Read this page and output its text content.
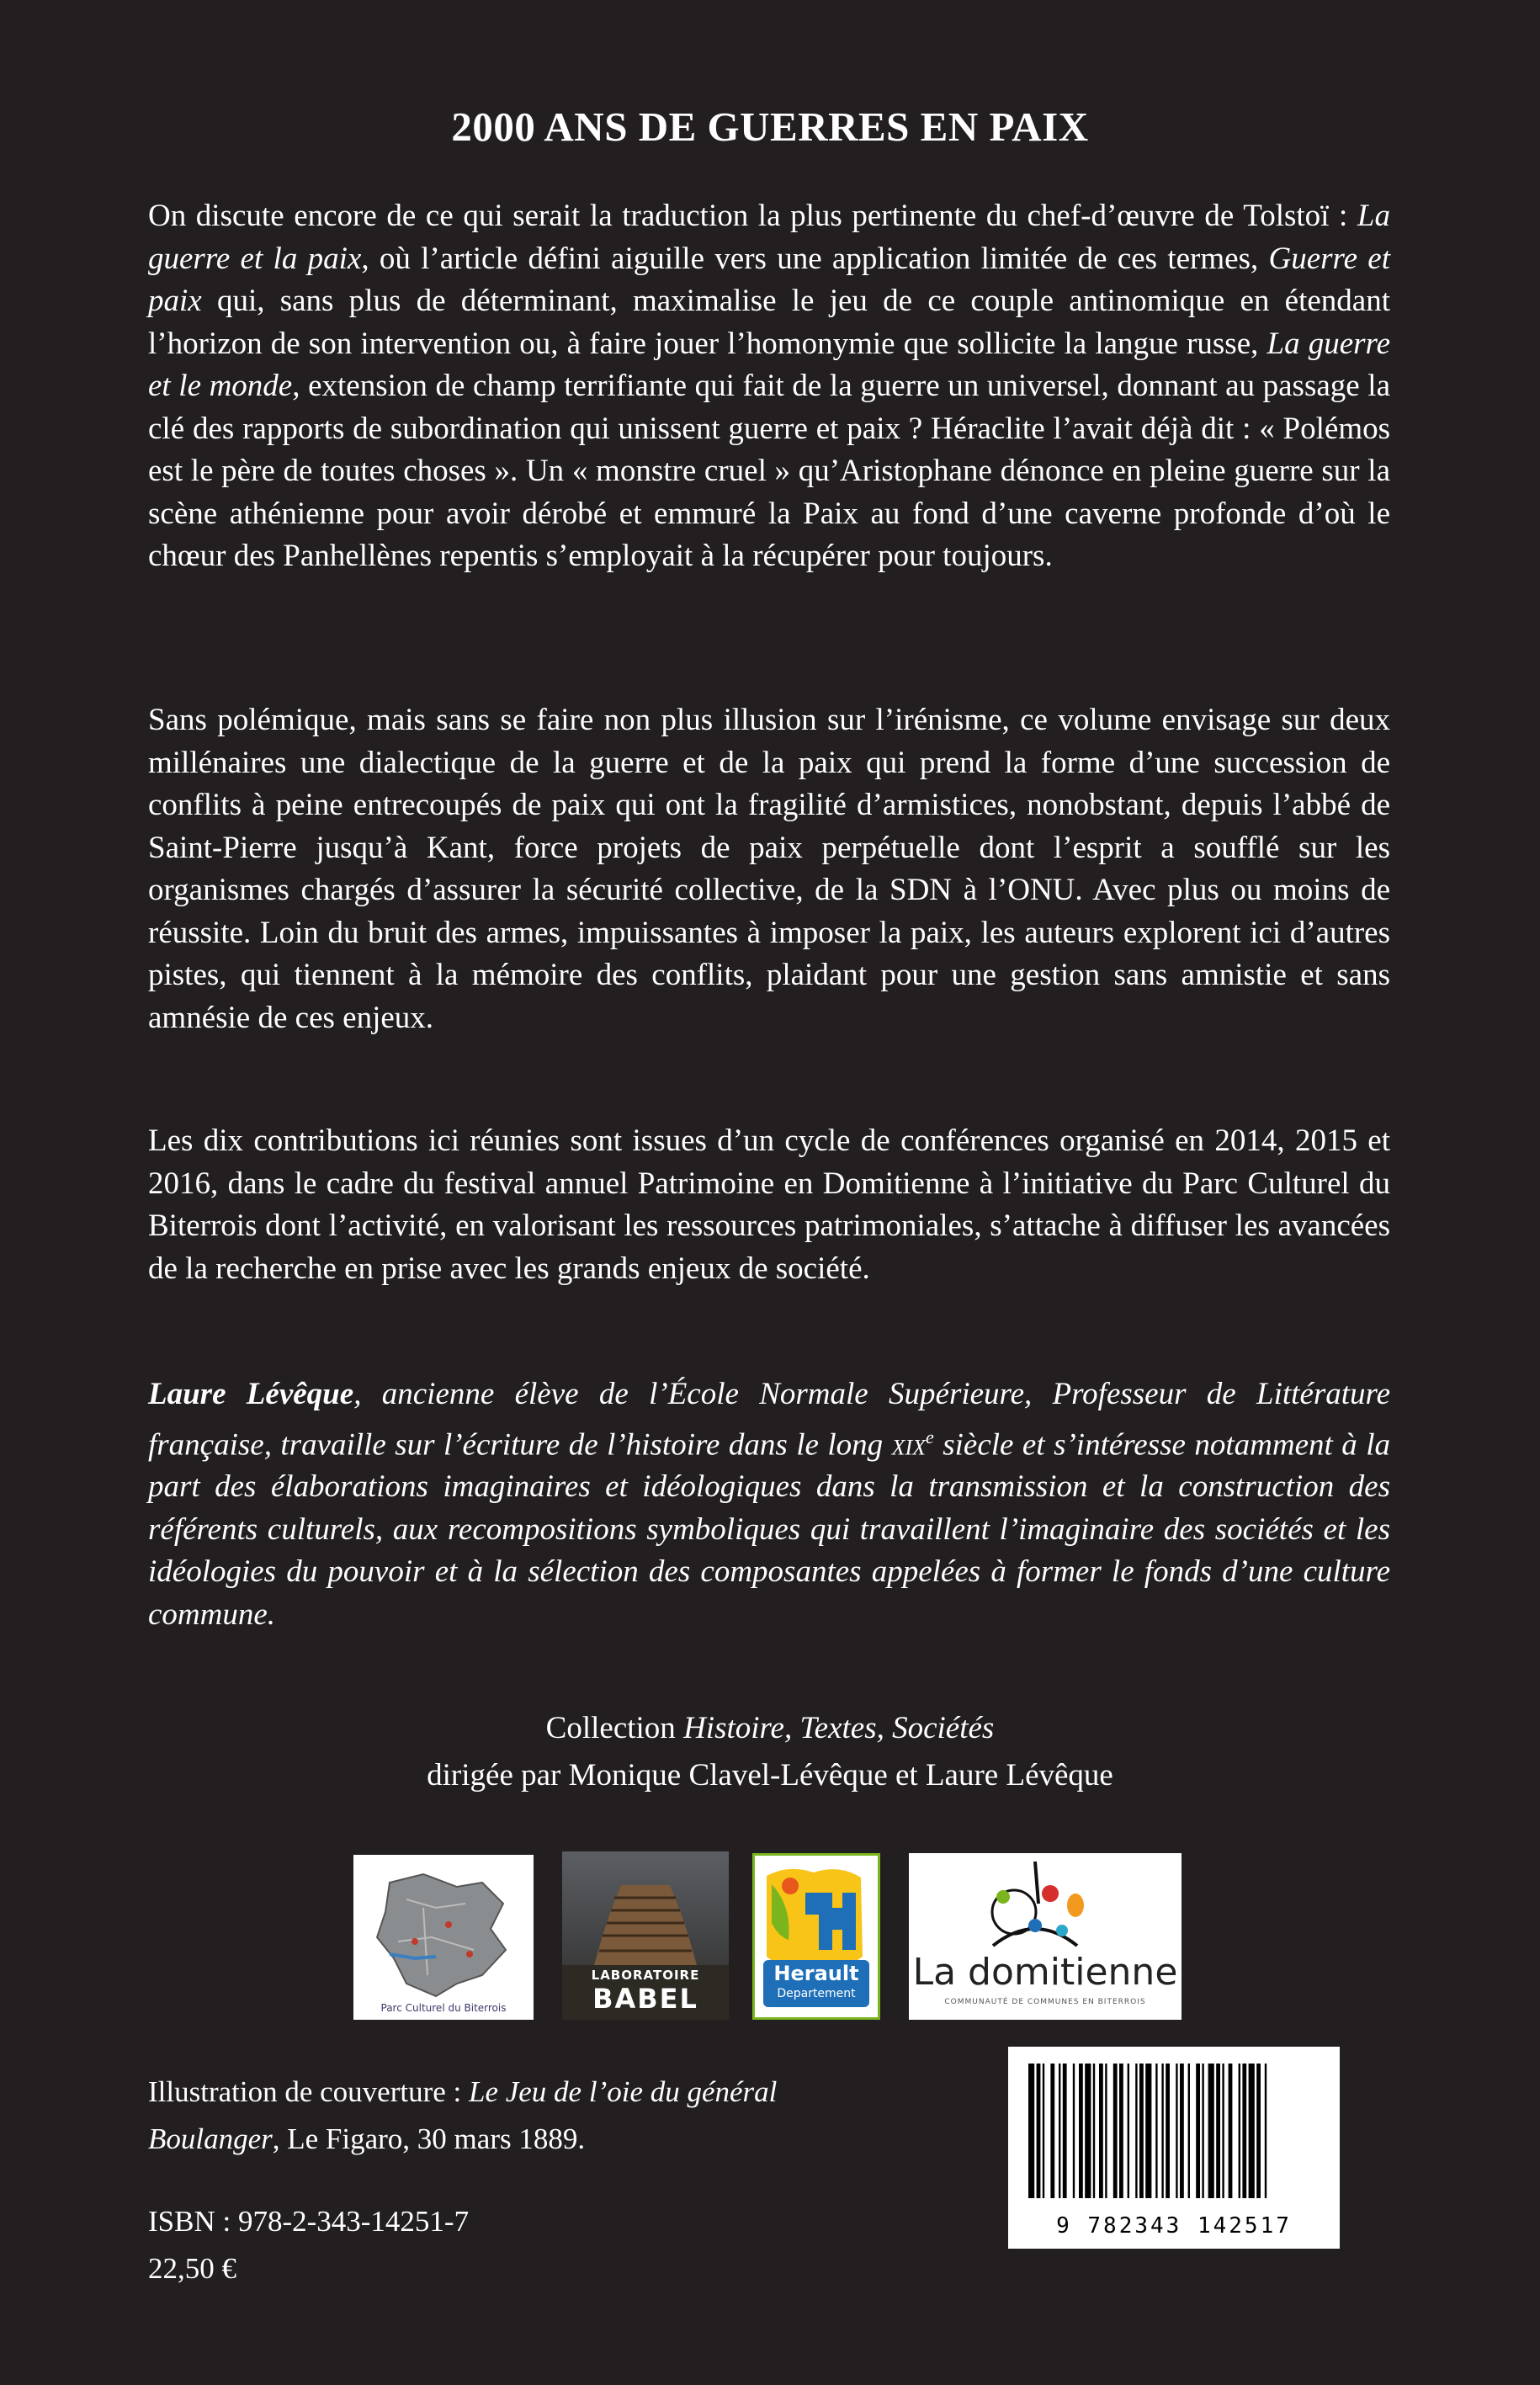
2000 ANS DE GUERRES EN PAIX

On discute encore de ce qui serait la traduction la plus pertinente du chef-d’œuvre de Tolstoï : La guerre et la paix, où l’article défini aiguille vers une application limitée de ces termes, Guerre et paix qui, sans plus de déterminant, maximalise le jeu de ce couple antinomique en étendant l’horizon de son intervention ou, à faire jouer l’homonymie que sollicite la langue russe, La guerre et le monde, extension de champ terrifiante qui fait de la guerre un universel, donnant au passage la clé des rapports de subordination qui unissent guerre et paix ? Héraclite l’avait déjà dit : « Polémos est le père de toutes choses ». Un « monstre cruel » qu’Aristophane dénonce en pleine guerre sur la scène athénienne pour avoir dérobé et emmuré la Paix au fond d’une caverne profonde d’où le chœur des Panhellènes repentis s’employait à la récupérer pour toujours.

Sans polémique, mais sans se faire non plus illusion sur l’irénisme, ce volume envisage sur deux millénaires une dialectique de la guerre et de la paix qui prend la forme d’une succession de conflits à peine entrecoupés de paix qui ont la fragilité d’armistices, nonobstant, depuis l’abbé de Saint-Pierre jusqu’à Kant, force projets de paix perpétuelle dont l’esprit a soufflé sur les organismes chargés d’assurer la sécurité collective, de la SDN à l’ONU. Avec plus ou moins de réussite. Loin du bruit des armes, impuissantes à imposer la paix, les auteurs explorent ici d’autres pistes, qui tiennent à la mémoire des conflits, plaidant pour une gestion sans amnistie et sans amnésie de ces enjeux.

Les dix contributions ici réunies sont issues d’un cycle de conférences organisé en 2014, 2015 et 2016, dans le cadre du festival annuel Patrimoine en Domitienne à l’initiative du Parc Culturel du Biterrois dont l’activité, en valorisant les ressources patrimoniales, s’attache à diffuser les avancées de la recherche en prise avec les grands enjeux de société.

Laure Lévêque, ancienne élève de l’École Normale Supérieure, Professeur de Littérature française, travaille sur l’écriture de l’histoire dans le long xix$^e$ siècle et s’intéresse notamment à la part des élaborations imaginaires et idéologiques dans la transmission et la construction des référents culturels, aux recompositions symboliques qui travaillent l’imaginaire des sociétés et les idéologies du pouvoir et à la sélection des composantes appelées à former le fonds d’une culture commune.

Collection Histoire, Textes, Sociétés
dirigée par Monique Clavel-Lévêque et Laure Lévêque
Parc Culturel du Biterrois
LABORATOIRE
BABEL
Herault
Departement	La domitienne
COMMUNAUTÉ DE COMMUNES EN BITERROIS
Illustration de couverture : Le Jeu de l’oie du général Boulanger, Le Figaro, 30 mars 1889.
ISBN : 978-2-343-14251-7
22,50 €
9 782343 142517
